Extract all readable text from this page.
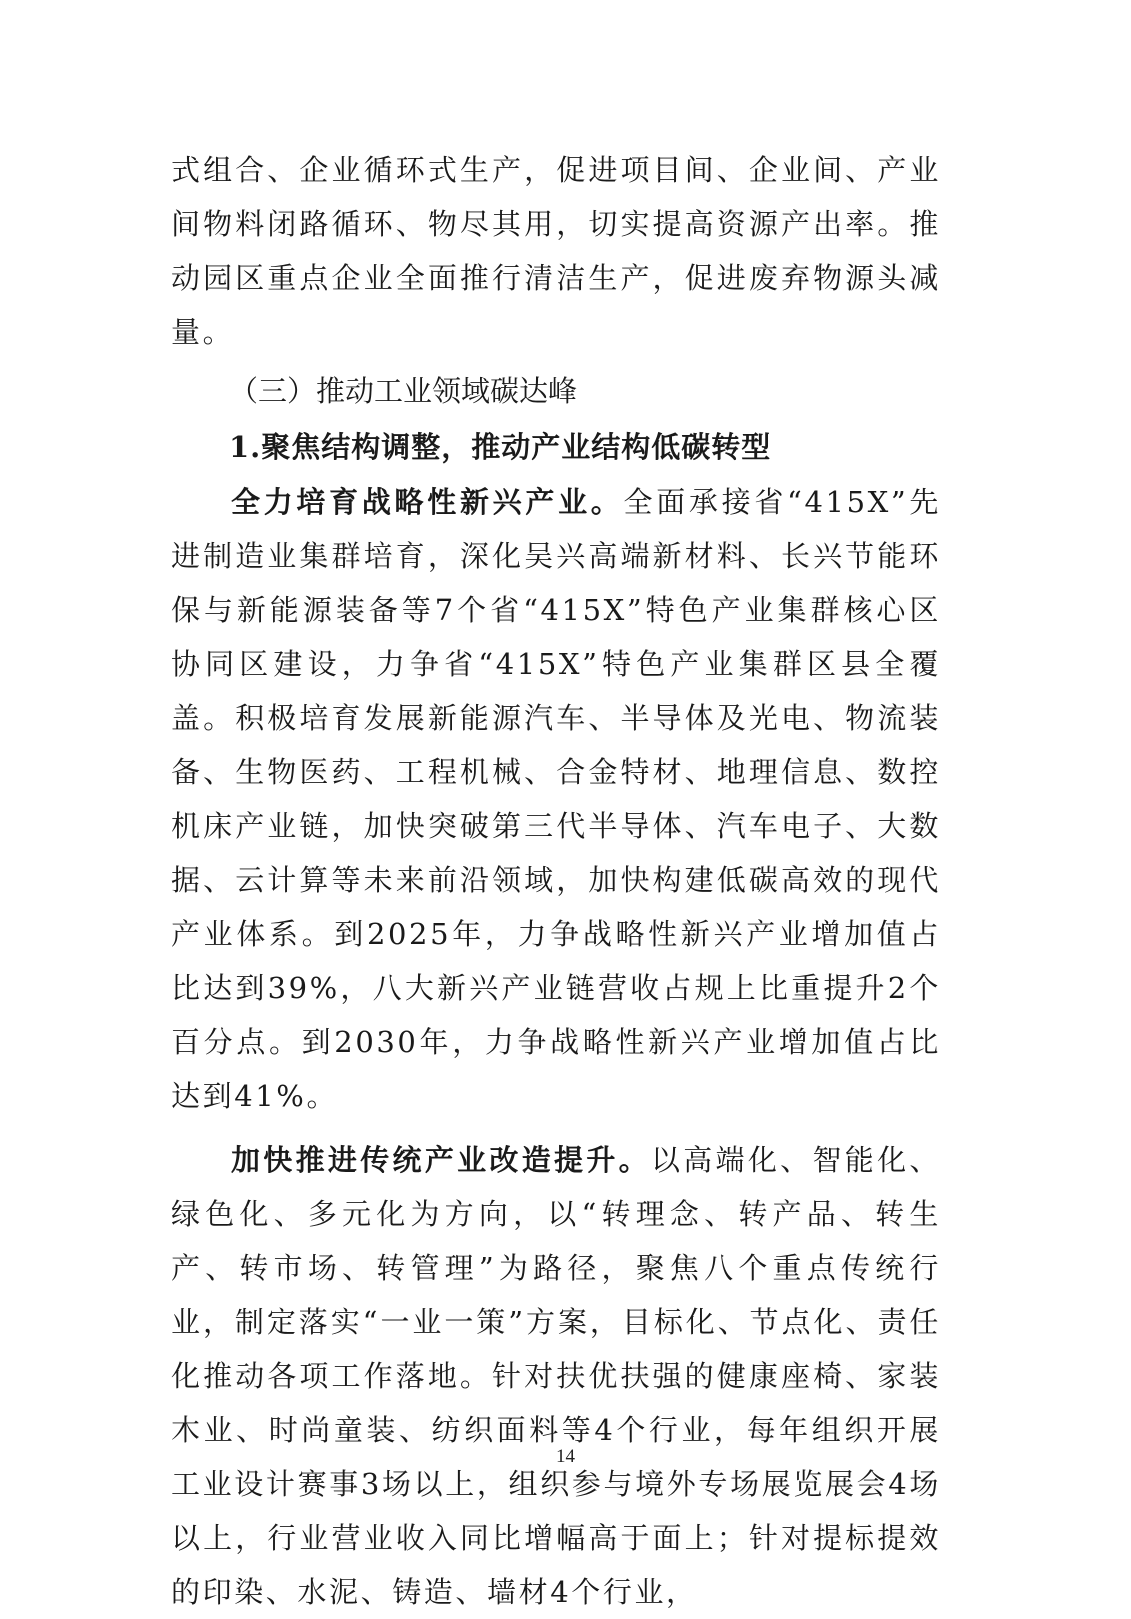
式组合、企业循环式生产，促进项目间、企业间、产业间物料闭路循环、物尽其用，切实提高资源产出率。推动园区重点企业全面推行清洁生产，促进废弃物源头减量。

（三）推动工业领域碳达峰
1.聚焦结构调整，推动产业结构低碳转型

全力培育战略性新兴产业。全面承接省“415X”先进制造业集群培育，深化吴兴高端新材料、长兴节能环保与新能源装备等7个省“415X”特色产业集群核心区协同区建设，力争省“415X”特色产业集群区县全覆盖。积极培育发展新能源汽车、半导体及光电、物流装备、生物医药、工程机械、合金特材、地理信息、数控机床产业链，加快突破第三代半导体、汽车电子、大数据、云计算等未来前沿领域，加快构建低碳高效的现代产业体系。到2025年，力争战略性新兴产业增加值占比达到39%，八大新兴产业链营收占规上比重提升2个百分点。到2030年，力争战略性新兴产业增加值占比达到41%。

加快推进传统产业改造提升。以高端化、智能化、绿色化、多元化为方向，以“转理念、转产品、转生产、转市场、转管理”为路径，聚焦八个重点传统行业，制定落实“一业一策”方案，目标化、节点化、责任化推动各项工作落地。针对扶优扶强的健康座椅、家装木业、时尚童装、纺织面料等4个行业，每年组织开展工业设计赛事3场以上，组织参与境外专场展览展会4场以上，行业营业收入同比增幅高于面上；针对提标提效的印染、水泥、铸造、墙材4个行业，

14
